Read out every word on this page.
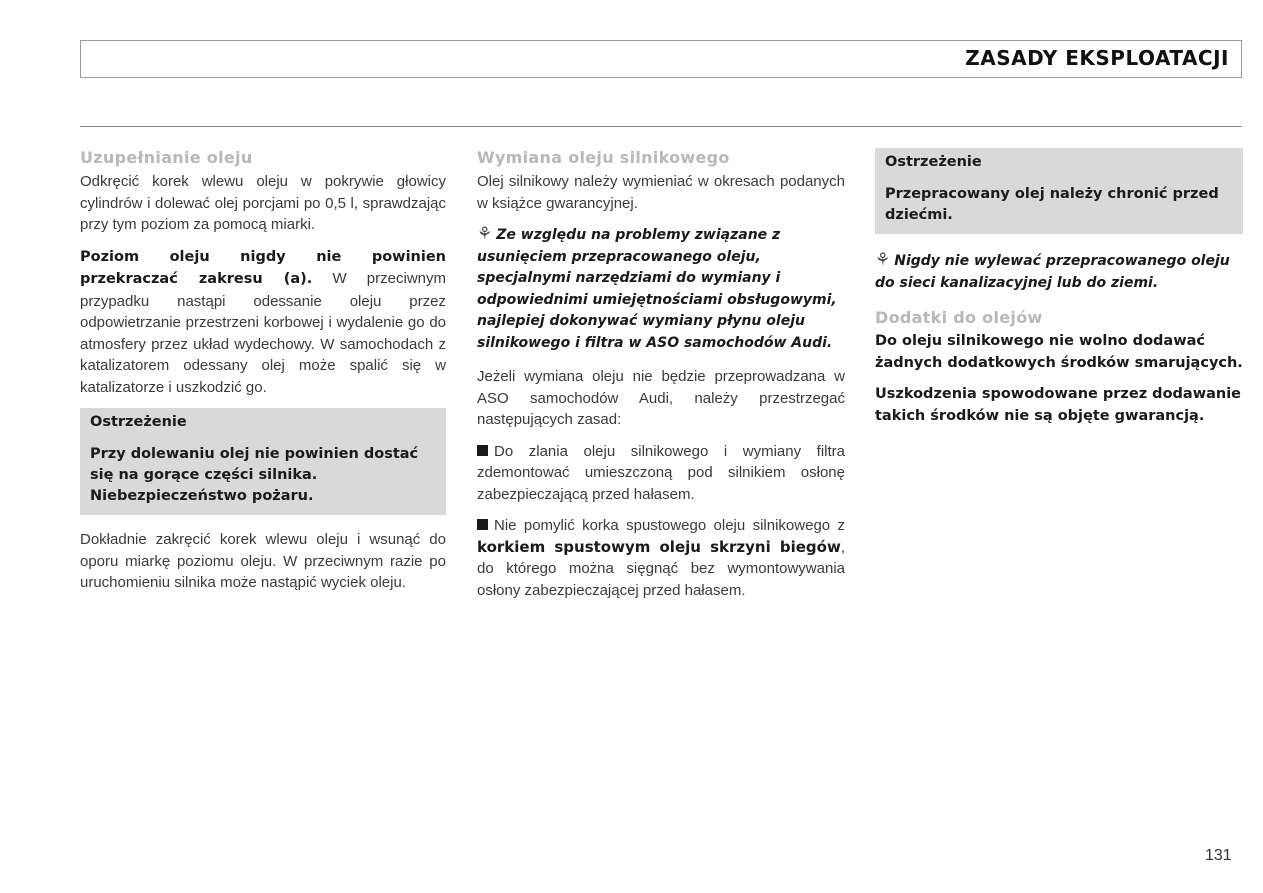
ZASADY EKSPLOATACJI
Uzupełnianie oleju

Odkręcić korek wlewu oleju w pokrywie głowicy cylindrów i dolewać olej porcjami po 0,5 l, sprawdzając przy tym poziom za pomocą miarki.

Poziom oleju nigdy nie powinien przekraczać zakresu (a). W przeciwnym przypadku nastąpi odessanie oleju przez odpowietrzanie przestrzeni korbowej i wydalenie go do atmosfery przez układ wydechowy. W samochodach z katalizatorem odessany olej może spalić się w katalizatorze i uszkodzić go.

Ostrzeżenie
Przy dolewaniu olej nie powinien dostać się na gorące części silnika. Niebezpieczeństwo pożaru.

Dokładnie zakręcić korek wlewu oleju i wsunąć do oporu miarkę poziomu oleju. W przeciwnym razie po uruchomieniu silnika może nastąpić wyciek oleju.

Wymiana oleju silnikowego

Olej silnikowy należy wymieniać w okresach podanych w książce gwarancyjnej.

⚘ Ze względu na problemy związane z usunięciem przepracowanego oleju, specjalnymi narzędziami do wymiany i odpowiednimi umiejętnościami obsługowymi, najlepiej dokonywać wymiany płynu oleju silnikowego i filtra w ASO samochodów Audi.

Jeżeli wymiana oleju nie będzie przeprowadzana w ASO samochodów Audi, należy przestrzegać następujących zasad:

Do zlania oleju silnikowego i wymiany filtra zdemontować umieszczoną pod silnikiem osłonę zabezpieczającą przed hałasem.

Nie pomylić korka spustowego oleju silnikowego z korkiem spustowym oleju skrzyni biegów, do którego można sięgnąć bez wymontowywania osłony zabezpieczającej przed hałasem.

Ostrzeżenie
Przepracowany olej należy chronić przed dziećmi.

⚘ Nigdy nie wylewać przepracowanego oleju do sieci kanalizacyjnej lub do ziemi.

Dodatki do olejów

Do oleju silnikowego nie wolno dodawać żadnych dodatkowych środków smarujących.

Uszkodzenia spowodowane przez dodawanie takich środków nie są objęte gwarancją.

131
